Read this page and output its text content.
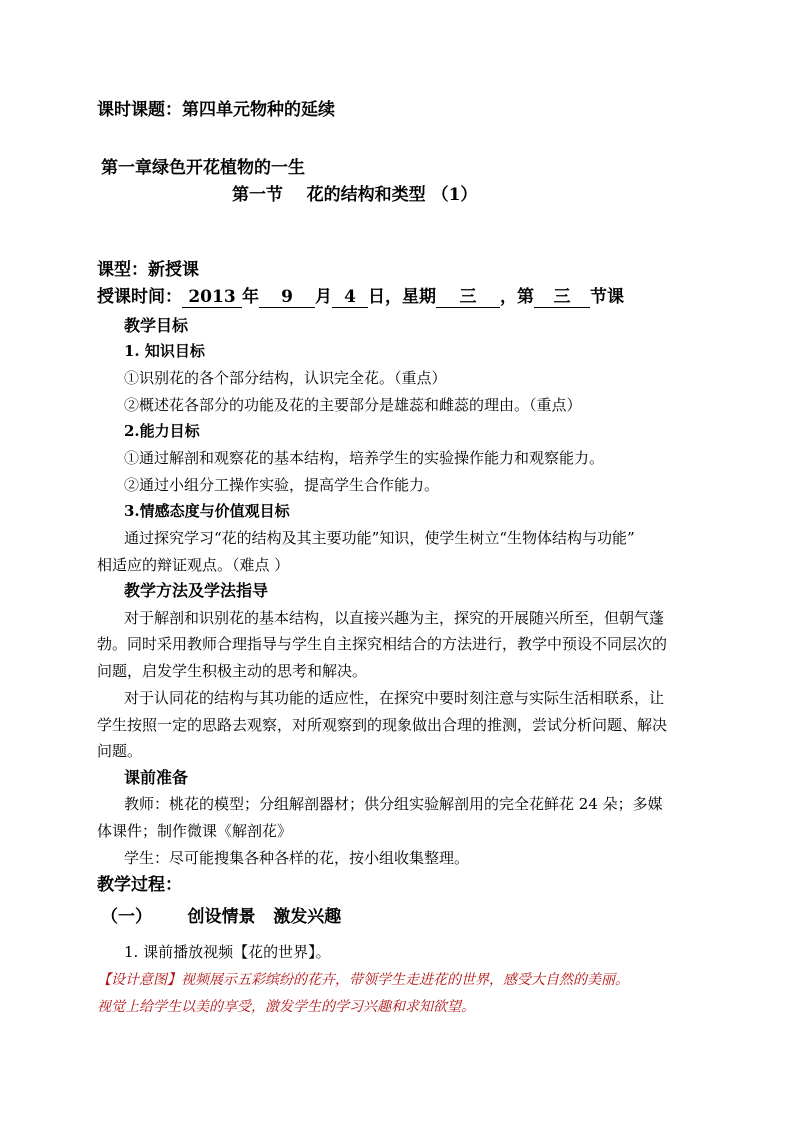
课时课题：第四单元物种的延续
第一章绿色开花植物的一生
第一节    花的结构和类型 （1）
课型：新授课
授课时间： 2013 年 9 月 4 日，星期 三 ，第 三 节课
教学目标
1. 知识目标
①识别花的各个部分结构，认识完全花。（重点）
②概述花各部分的功能及花的主要部分是雄蕊和雌蕊的理由。（重点）
2.能力目标
①通过解剖和观察花的基本结构，培养学生的实验操作能力和观察能力。
②通过小组分工操作实验，提高学生合作能力。
3.情感态度与价值观目标
通过探究学习“花的结构及其主要功能”知识，使学生树立“生物体结构与功能”
相适应的辩证观点。（难点 ）
教学方法及学法指导
对于解剖和识别花的基本结构，以直接兴趣为主，探究的开展随兴所至，但朝气蓬
勃。同时采用教师合理指导与学生自主探究相结合的方法进行，教学中预设不同层次的
问题，启发学生积极主动的思考和解决。
对于认同花的结构与其功能的适应性，在探究中要时刻注意与实际生活相联系，让
学生按照一定的思路去观察，对所观察到的现象做出合理的推测，尝试分析问题、解决
问题。
课前准备
教师：桃花的模型；分组解剖器材；供分组实验解剖用的完全花鲜花 24 朵；多媒
体课件；制作微课《解剖花》
学生：尽可能搜集各种各样的花，按小组收集整理。
教学过程：
（一）      创设情景   激发兴趣
1. 课前播放视频【花的世界】。
【设计意图】视频展示五彩缤纷的花卉，带领学生走进花的世界，感受大自然的美丽。
视觉上给学生以美的享受，激发学生的学习兴趣和求知欲望。
